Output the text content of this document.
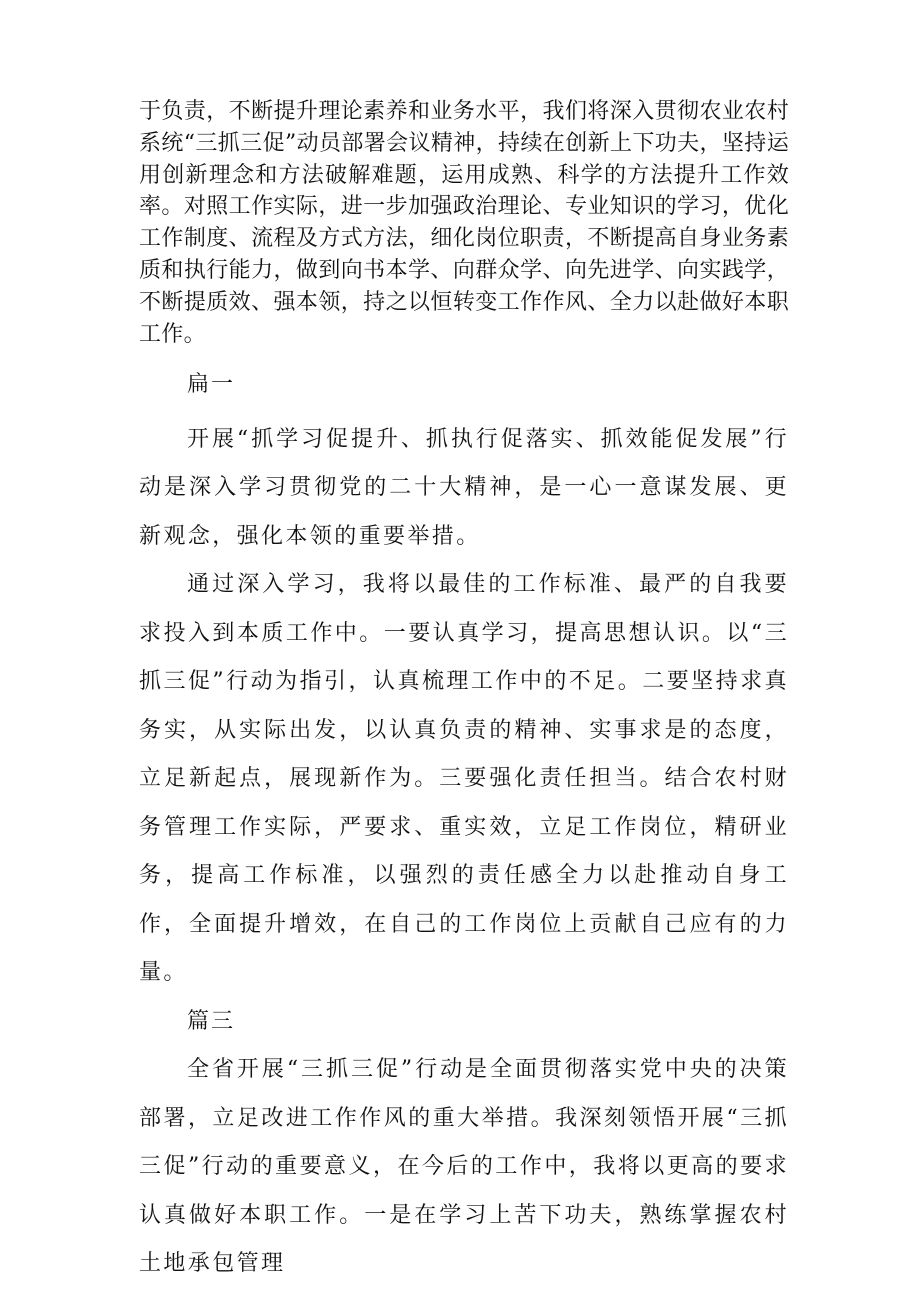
于负责，不断提升理论素养和业务水平，我们将深入贯彻农业农村系统“三抓三促”动员部署会议精神，持续在创新上下功夫，坚持运用创新理念和方法破解难题，运用成熟、科学的方法提升工作效率。对照工作实际，进一步加强政治理论、专业知识的学习，优化工作制度、流程及方式方法，细化岗位职责，不断提高自身业务素质和执行能力，做到向书本学、向群众学、向先进学、向实践学，不断提质效、强本领，持之以恒转变工作作风、全力以赴做好本职工作。

扁一

开展“抓学习促提升、抓执行促落实、抓效能促发展”行动是深入学习贯彻党的二十大精神，是一心一意谋发展、更新观念，强化本领的重要举措。

通过深入学习，我将以最佳的工作标准、最严的自我要求投入到本质工作中。一要认真学习，提高思想认识。以“三抓三促”行动为指引，认真梳理工作中的不足。二要坚持求真务实，从实际出发，以认真负责的精神、实事求是的态度，立足新起点，展现新作为。三要强化责任担当。结合农村财务管理工作实际，严要求、重实效，立足工作岗位，精研业务，提高工作标准，以强烈的责任感全力以赴推动自身工作，全面提升增效，在自己的工作岗位上贡献自己应有的力量。

篇三

全省开展“三抓三促”行动是全面贯彻落实党中央的决策部署，立足改进工作作风的重大举措。我深刻领悟开展“三抓三促”行动的重要意义，在今后的工作中，我将以更高的要求认真做好本职工作。一是在学习上苦下功夫，熟练掌握农村土地承包管理
